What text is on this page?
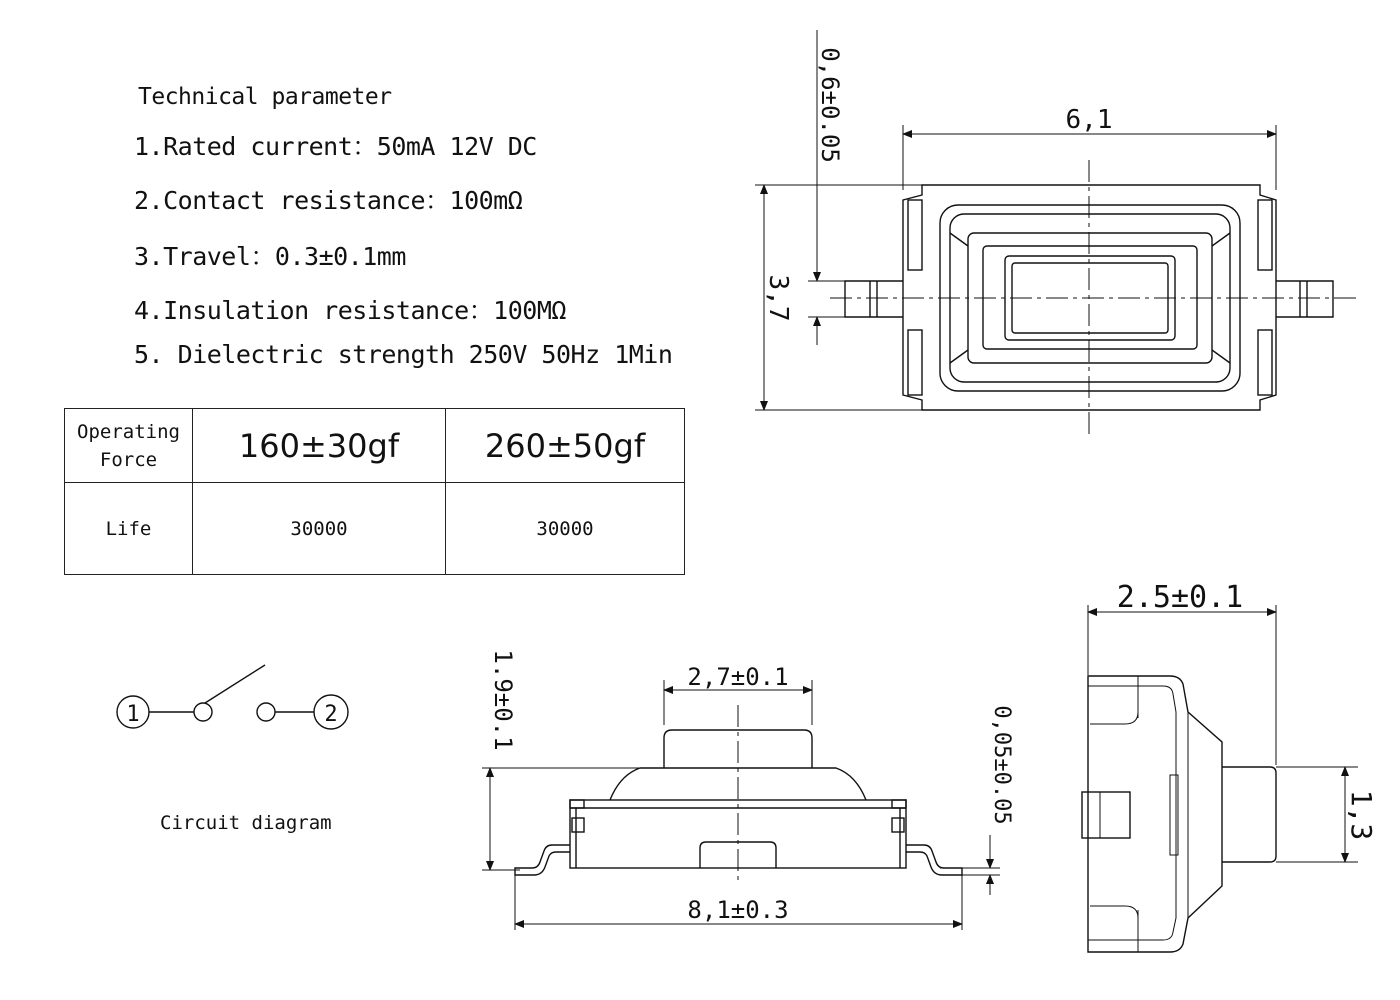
Technical parameter
1.Rated current：50mA 12V DC
2.Contact resistance：100mΩ
3.Travel：0.3±0.1mm
4.Insulation resistance：100MΩ
5. Dielectric strength 250V 50Hz 1Min
Operating
Force	160±30gf	260±50gf
Life	30000	30000
1	2
Circuit diagram
6,1
3,7
0,6±0.05
1.9±0.1	2,7±0.1
8,1±0.3
0,05±0.05
2.5±0.1
1,3
